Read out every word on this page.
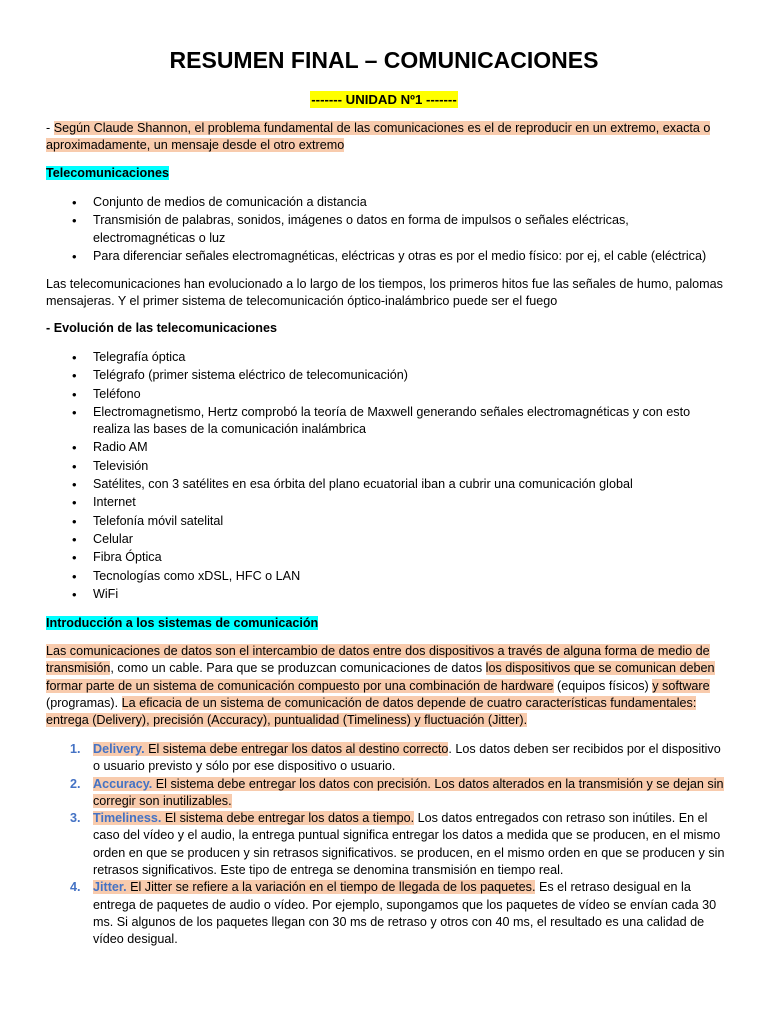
RESUMEN FINAL – COMUNICACIONES
------- UNIDAD Nº1 -------

- Según Claude Shannon, el problema fundamental de las comunicaciones es el de reproducir en un extremo, exacta o aproximadamente, un mensaje desde el otro extremo

Telecomunicaciones

• Conjunto de medios de comunicación a distancia
• Transmisión de palabras, sonidos, imágenes o datos en forma de impulsos o señales eléctricas, electromagnéticas o luz
• Para diferenciar señales electromagnéticas, eléctricas y otras es por el medio físico: por ej, el cable (eléctrica)

Las telecomunicaciones han evolucionado a lo largo de los tiempos, los primeros hitos fue las señales de humo, palomas mensajeras. Y el primer sistema de telecomunicación óptico-inalámbrico puede ser el fuego

- Evolución de las telecomunicaciones

• Telegrafía óptica
• Telégrafo (primer sistema eléctrico de telecomunicación)
• Teléfono
• Electromagnetismo, Hertz comprobó la teoría de Maxwell generando señales electromagnéticas y con esto realiza las bases de la comunicación inalámbrica
• Radio AM
• Televisión
• Satélites, con 3 satélites en esa órbita del plano ecuatorial iban a cubrir una comunicación global
• Internet
• Telefonía móvil satelital
• Celular
• Fibra Óptica
• Tecnologías como xDSL, HFC o LAN
• WiFi

Introducción a los sistemas de comunicación

Las comunicaciones de datos son el intercambio de datos entre dos dispositivos a través de alguna forma de medio de transmisión, como un cable. Para que se produzcan comunicaciones de datos los dispositivos que se comunican deben formar parte de un sistema de comunicación compuesto por una combinación de hardware (equipos físicos) y software (programas). La eficacia de un sistema de comunicación de datos depende de cuatro características fundamentales: entrega (Delivery), precisión (Accuracy), puntualidad (Timeliness) y fluctuación (Jitter).

1. Delivery. El sistema debe entregar los datos al destino correcto. Los datos deben ser recibidos por el dispositivo o usuario previsto y sólo por ese dispositivo o usuario.
2. Accuracy. El sistema debe entregar los datos con precisión. Los datos alterados en la transmisión y se dejan sin corregir son inutilizables.
3. Timeliness. El sistema debe entregar los datos a tiempo. Los datos entregados con retraso son inútiles. En el caso del vídeo y el audio, la entrega puntual significa entregar los datos a medida que se producen, en el mismo orden en que se producen y sin retrasos significativos. se producen, en el mismo orden en que se producen y sin retrasos significativos. Este tipo de entrega se denomina transmisión en tiempo real.
4. Jitter. El Jitter se refiere a la variación en el tiempo de llegada de los paquetes. Es el retraso desigual en la entrega de paquetes de audio o vídeo. Por ejemplo, supongamos que los paquetes de vídeo se envían cada 30 ms. Si algunos de los paquetes llegan con 30 ms de retraso y otros con 40 ms, el resultado es una calidad de vídeo desigual.
